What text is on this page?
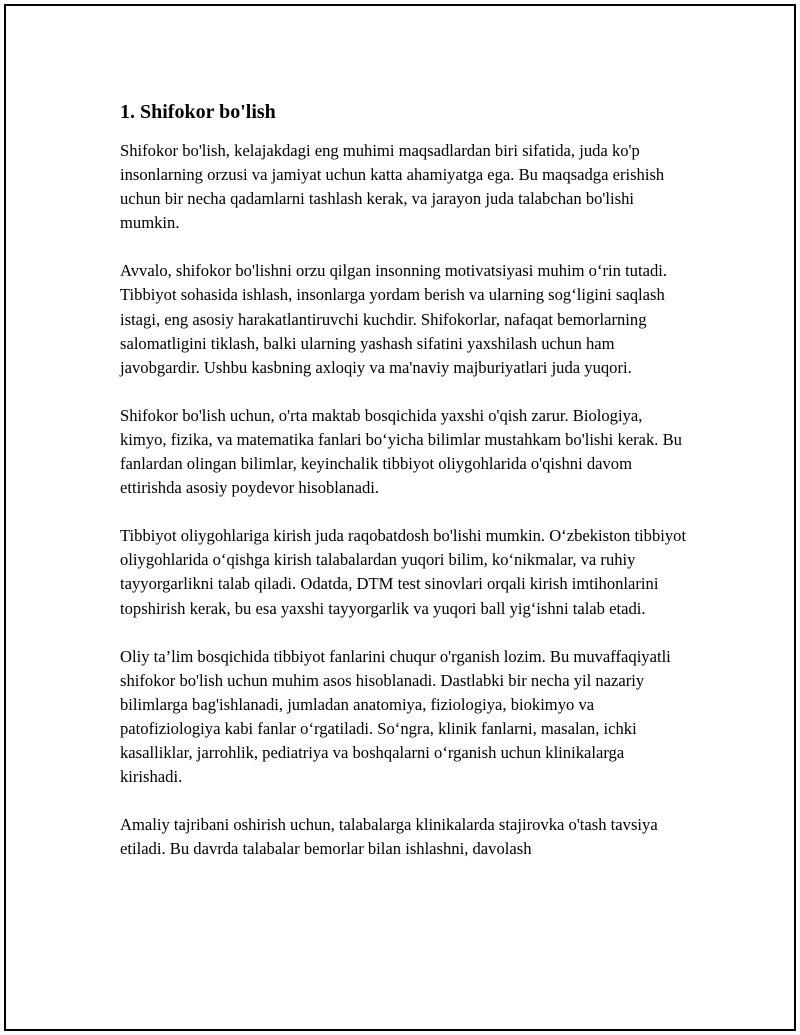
1. Shifokor bo'lish

Shifokor bo'lish, kelajakdagi eng muhimi maqsadlardan biri sifatida, juda ko'p insonlarning orzusi va jamiyat uchun katta ahamiyatga ega. Bu maqsadga erishish uchun bir necha qadamlarni tashlash kerak, va jarayon juda talabchan bo'lishi mumkin.

Avvalo, shifokor bo'lishni orzu qilgan insonning motivatsiyasi muhim o‘rin tutadi. Tibbiyot sohasida ishlash, insonlarga yordam berish va ularning sog‘ligini saqlash istagi, eng asosiy harakatlantiruvchi kuchdir. Shifokorlar, nafaqat bemorlarning salomatligini tiklash, balki ularning yashash sifatini yaxshilash uchun ham javobgardir. Ushbu kasbning axloqiy va ma'naviy majburiyatlari juda yuqori.

Shifokor bo'lish uchun, o'rta maktab bosqichida yaxshi o'qish zarur. Biologiya, kimyo, fizika, va matematika fanlari bo‘yicha bilimlar mustahkam bo'lishi kerak. Bu fanlardan olingan bilimlar, keyinchalik tibbiyot oliygohlarida o'qishni davom ettirishda asosiy poydevor hisoblanadi.

Tibbiyot oliygohlariga kirish juda raqobatdosh bo'lishi mumkin. O‘zbekiston tibbiyot oliygohlarida o‘qishga kirish talabalardan yuqori bilim, ko‘nikmalar, va ruhiy tayyorgarlikni talab qiladi. Odatda, DTM test sinovlari orqali kirish imtihonlarini topshirish kerak, bu esa yaxshi tayyorgarlik va yuqori ball yig‘ishni talab etadi.

Oliy ta’lim bosqichida tibbiyot fanlarini chuqur o'rganish lozim. Bu muvaffaqiyatli shifokor bo'lish uchun muhim asos hisoblanadi. Dastlabki bir necha yil nazariy bilimlarga bag'ishlanadi, jumladan anatomiya, fiziologiya, biokimyo va patofiziologiya kabi fanlar o‘rgatiladi. So‘ngra, klinik fanlarni, masalan, ichki kasalliklar, jarrohlik, pediatriya va boshqalarni o‘rganish uchun klinikalarga kirishadi.

Amaliy tajribani oshirish uchun, talabalarga klinikalarda stajirovka o'tash tavsiya etiladi. Bu davrda talabalar bemorlar bilan ishlashni, davolash
